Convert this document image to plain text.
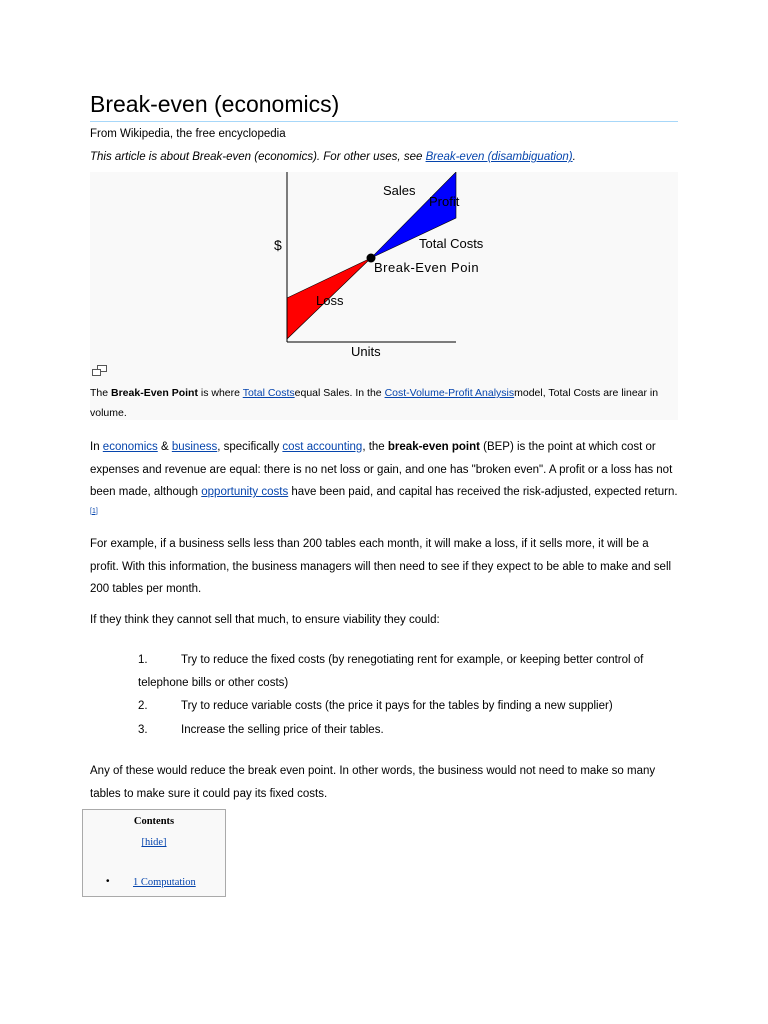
Break-even (economics)
From Wikipedia, the free encyclopedia
This article is about Break-even (economics). For other uses, see Break-even (disambiguation).
Sales
Profit
Total Costs
Break-Even Poin
$
Loss
Units
The Break-Even Point is where Total Costsequal Sales. In the Cost-Volume-Profit Analysismodel, Total Costs are linear in volume.

In economics & business, specifically cost accounting, the break-even point (BEP) is the point at which cost or expenses and revenue are equal: there is no net loss or gain, and one has "broken even". A profit or a loss has not been made, although opportunity costs have been paid, and capital has received the risk-adjusted, expected return.[1]

For example, if a business sells less than 200 tables each month, it will make a loss, if it sells more, it will be a profit. With this information, the business managers will then need to see if they expect to be able to make and sell 200 tables per month.

If they think they cannot sell that much, to ensure viability they could:

1.	Try to reduce the fixed costs (by renegotiating rent for example, or keeping better control of telephone bills or other costs)
2.	Try to reduce variable costs (the price it pays for the tables by finding a new supplier)
3.	Increase the selling price of their tables.

Any of these would reduce the break even point. In other words, the business would not need to make so many tables to make sure it could pay its fixed costs.

Contents
[hide]
1 Computation
•
